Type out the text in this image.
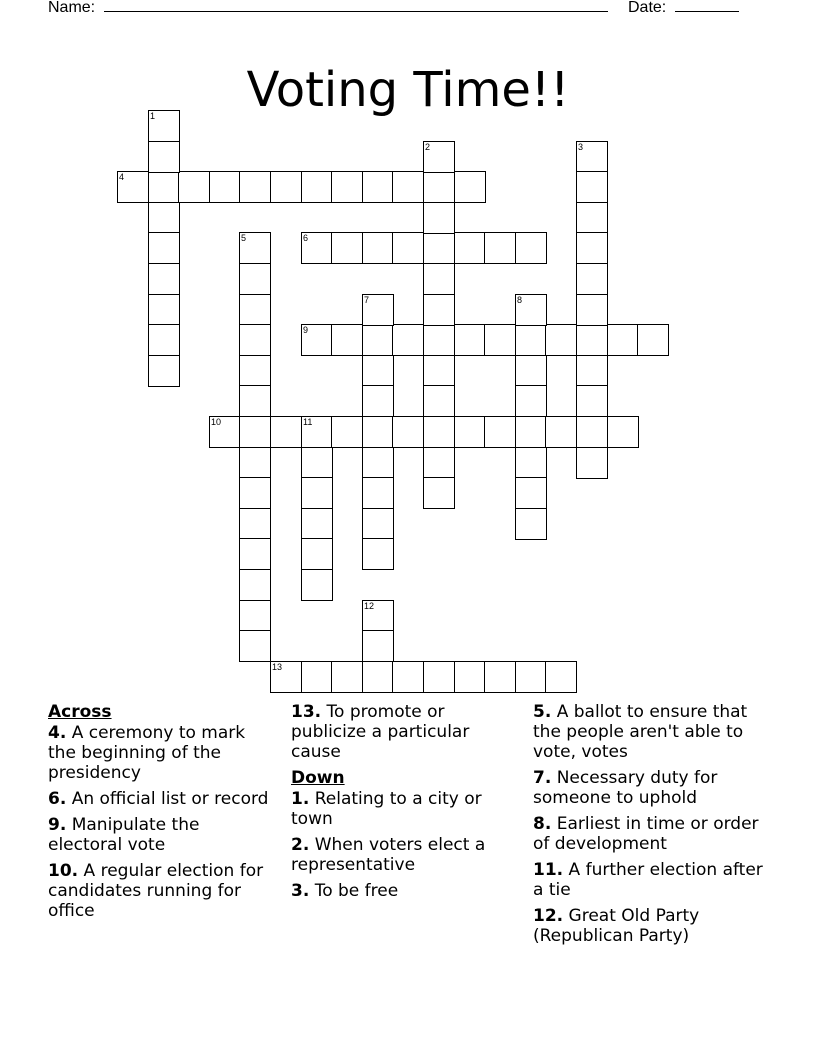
Name:	Date:
Voting Time!!
4
6
9
10	11
13
1
2	3
5
7	8
12
Across
4. A ceremony to mark the beginning of the presidency
6. An official list or record
9. Manipulate the electoral vote
10. A regular election for candidates running for office
13. To promote or publicize a particular cause
Down
1. Relating to a city or town
2. When voters elect a representative
3. To be free
5. A ballot to ensure that the people aren't able to vote, votes
7. Necessary duty for someone to uphold
8. Earliest in time or order of development
11. A further election after a tie
12. Great Old Party (Republican Party)
